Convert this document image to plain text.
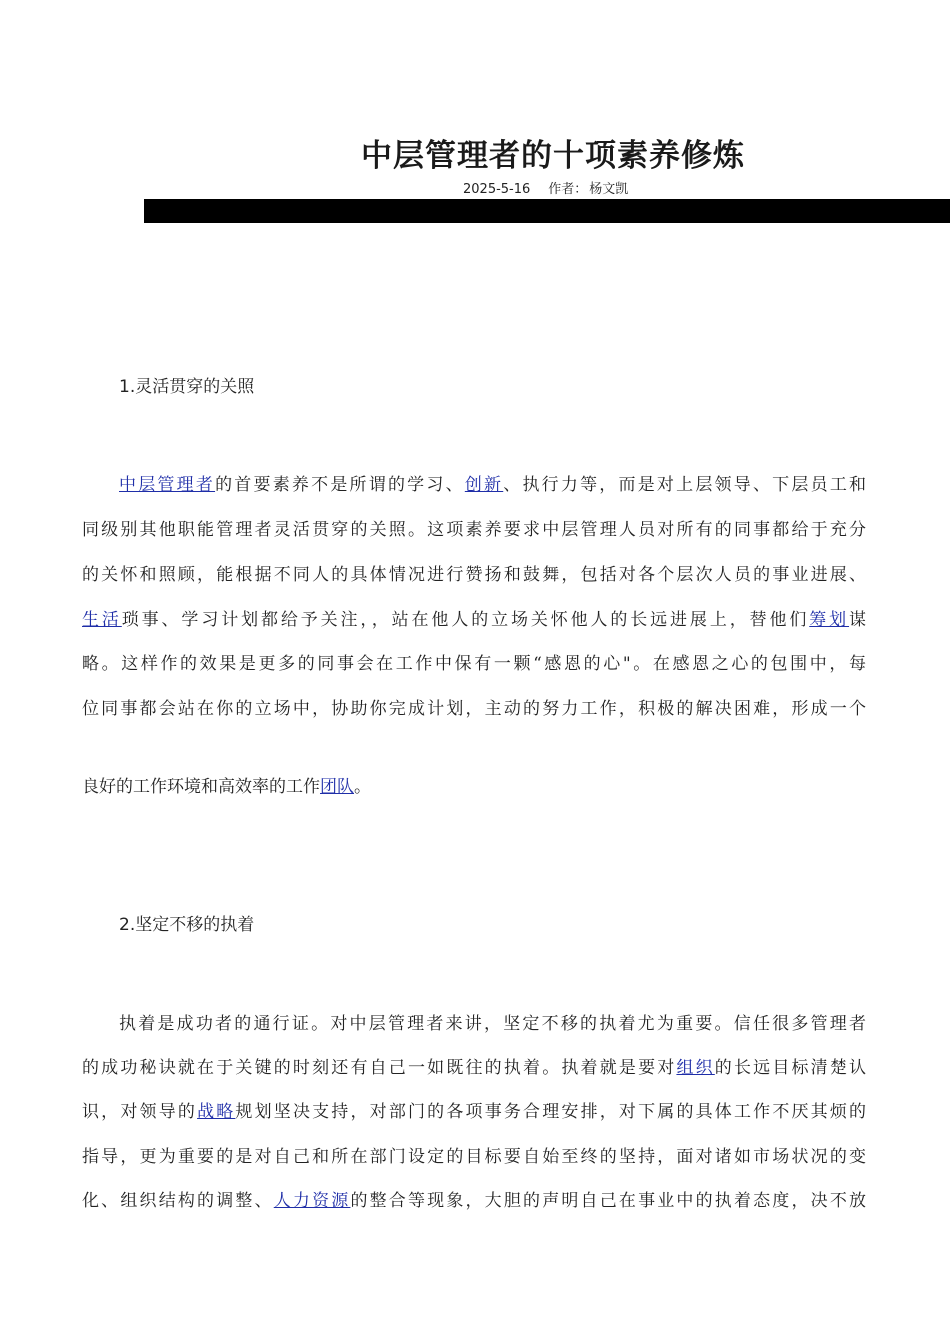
中层管理者的十项素养修炼
2025-5-16 作者： 杨文凯
1.灵活贯穿的关照
中层管理者的首要素养不是所谓的学习、创新、执行力等，而是对上层领导、下层员工和
同级别其他职能管理者灵活贯穿的关照。这项素养要求中层管理人员对所有的同事都给于充分
的关怀和照顾，能根据不同人的具体情况进行赞扬和鼓舞，包括对各个层次人员的事业进展、
生活琐事、学习计划都给予关注，，站在他人的立场关怀他人的长远进展上，替他们筹划谋
略。这样作的效果是更多的同事会在工作中保有一颗“感恩的心"。在感恩之心的包围中，每
位同事都会站在你的立场中，协助你完成计划，主动的努力工作，积极的解决困难，形成一个
良好的工作环境和高效率的工作团队。
2.坚定不移的执着
执着是成功者的通行证。对中层管理者来讲，坚定不移的执着尤为重要。信任很多管理者
的成功秘诀就在于关键的时刻还有自己一如既往的执着。执着就是要对组织的长远目标清楚认
识，对领导的战略规划坚决支持，对部门的各项事务合理安排，对下属的具体工作不厌其烦的
指导，更为重要的是对自己和所在部门设定的目标要自始至终的坚持，面对诸如市场状况的变
化、组织结构的调整、人力资源的整合等现象，大胆的声明自己在事业中的执着态度，决不放
